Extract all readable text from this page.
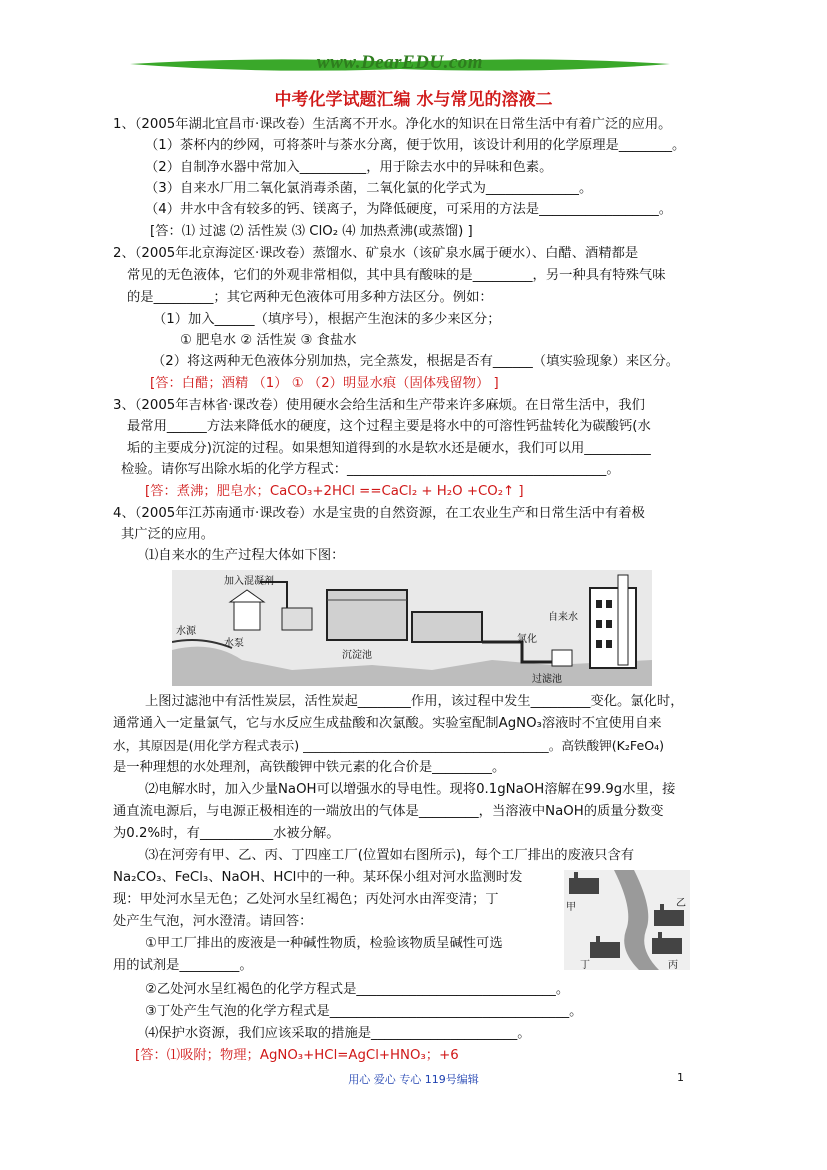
www.DearEDU.com
中考化学试题汇编 水与常见的溶液二
1、（2005年湖北宜昌市·课改卷）生活离不开水。净化水的知识在日常生活中有着广泛的应用。
（1）茶杯内的纱网，可将茶叶与茶水分离，便于饮用，该设计利用的化学原理是________。
（2）自制净水器中常加入__________，用于除去水中的异味和色素。
（3）自来水厂用二氧化氯消毒杀菌，二氧化氯的化学式为______________。
（4）井水中含有较多的钙、镁离子，为降低硬度，可采用的方法是__________________。
[答：⑴ 过滤 ⑵ 活性炭 ⑶ ClO₂ ⑷ 加热煮沸(或蒸馏) ]
2、（2005年北京海淀区·课改卷）蒸馏水、矿泉水（该矿泉水属于硬水）、白醋、酒精都是
常见的无色液体，它们的外观非常相似，其中具有酸味的是_________，另一种具有特殊气味
的是_________；其它两种无色液体可用多种方法区分。例如：
（1）加入______（填序号），根据产生泡沫的多少来区分；
① 肥皂水 ② 活性炭 ③ 食盐水
（2）将这两种无色液体分别加热，完全蒸发，根据是否有______（填实验现象）来区分。
[答：白醋；酒精 （1） ① （2）明显水痕（固体残留物） ]
3、（2005年吉林省·课改卷）使用硬水会给生活和生产带来许多麻烦。在日常生活中，我们
最常用______方法来降低水的硬度，这个过程主要是将水中的可溶性钙盐转化为碳酸钙(水
垢的主要成分)沉淀的过程。如果想知道得到的水是软水还是硬水，我们可以用__________
检验。请你写出除水垢的化学方程式：_______________________________________。
[答：煮沸；肥皂水；CaCO₃+2HCl ==CaCl₂ + H₂O +CO₂↑ ]
4、（2005年江苏南通市·课改卷）水是宝贵的自然资源，在工农业生产和日常生活中有着极
其广泛的应用。
⑴自来水的生产过程大体如下图：
加入混凝剂
水源
水泵
沉淀池
氯化
自来水
过滤池
上图过滤池中有活性炭层，活性炭起________作用，该过程中发生_________变化。氯化时，
通常通入一定量氯气，它与水反应生成盐酸和次氯酸。实验室配制AgNO₃溶液时不宜使用自来
水，其原因是(用化学方程式表示) _______________________________________。高铁酸钾(K₂FeO₄)
是一种理想的水处理剂，高铁酸钾中铁元素的化合价是_________。
⑵电解水时，加入少量NaOH可以增强水的导电性。现将0.1gNaOH溶解在99.9g水里，接
通直流电源后，与电源正极相连的一端放出的气体是_________，当溶液中NaOH的质量分数变
为0.2%时，有___________水被分解。
⑶在河旁有甲、乙、丙、丁四座工厂(位置如右图所示)，每个工厂排出的废液只含有
Na₂CO₃、FeCl₃、NaOH、HCl中的一种。某环保小组对河水监测时发
现：甲处河水呈无色；乙处河水呈红褐色；丙处河水由浑变清；丁
处产生气泡，河水澄清。请回答：
①甲工厂排出的废液是一种碱性物质，检验该物质呈碱性可选
用的试剂是_________。
甲	乙
丙
丁
②乙处河水呈红褐色的化学方程式是______________________________。
③丁处产生气泡的化学方程式是____________________________________。
⑷保护水资源，我们应该采取的措施是______________________。
[答：⑴吸附；物理；AgNO₃+HCl=AgCl+HNO₃；+6
用心 爱心 专心 119号编辑	1
